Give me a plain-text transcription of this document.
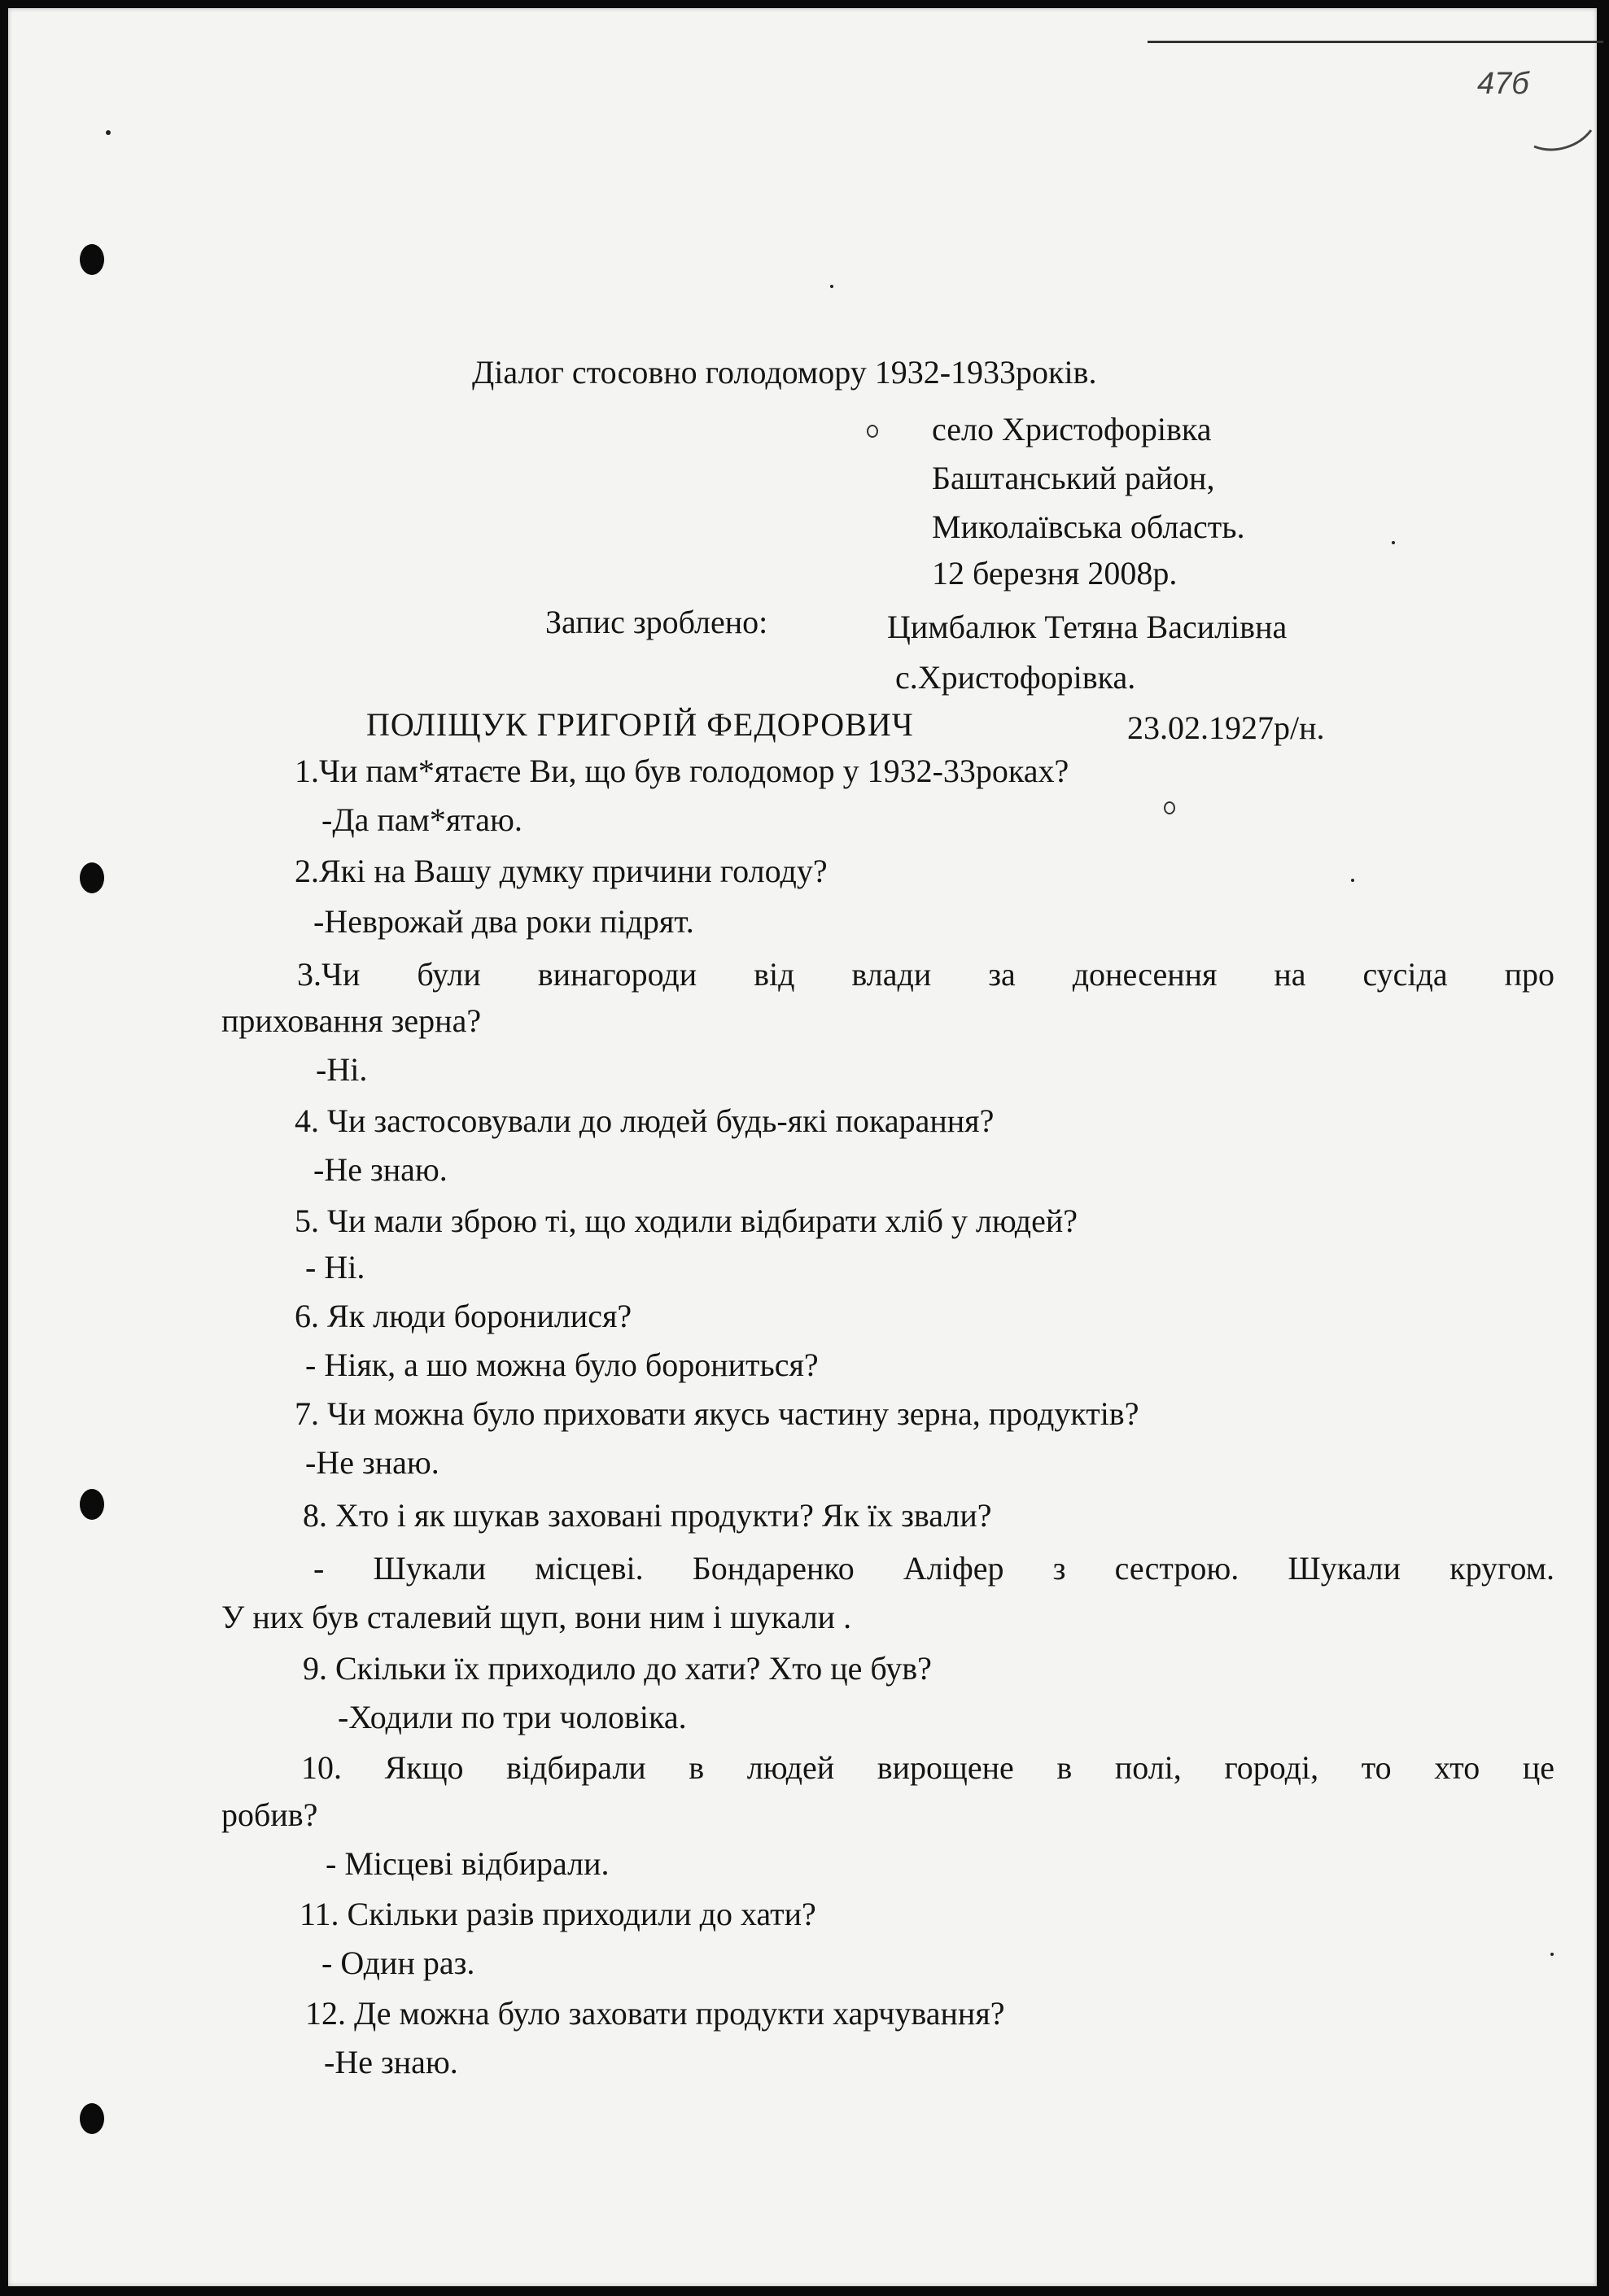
47б
Діалог стосовно голодомору 1932-1933років.
село Христофорівка
Баштанський район,
Миколаївська область.
12 березня 2008р.
Запис зроблено:	Цимбалюк Тетяна Василівна
с.Христофорівка.
ПОЛІЩУК ГРИГОРІЙ ФЕДОРОВИЧ	23.02.1927р/н.
1.Чи пам*ятаєте Ви, що був голодомор у 1932-33роках?
-Да пам*ятаю.
2.Які на Вашу думку причини голоду?
-Неврожай два роки підрят.
3.Чи були винагороди від влади за донесення на сусіда про
приховання зерна?
-Ні.
4. Чи застосовували до людей будь-які покарання?
-Не знаю.
5. Чи мали зброю ті, що ходили відбирати хліб у людей?
- Ні.
6. Як люди боронилися?
- Ніяк, а шо можна було борониться?
7. Чи можна було приховати якусь частину зерна, продуктів?
-Не знаю.
8. Хто і як шукав заховані продукти? Як їх звали?
- Шукали місцеві. Бондаренко Аліфер з сестрою. Шукали кругом.
У них був сталевий щуп, вони ним і шукали .
9. Скільки їх приходило до хати? Хто це був?
-Ходили по три чоловіка.
10. Якщо відбирали в людей вирощене в полі, городі, то хто це
робив?
- Місцеві відбирали.
11. Скільки разів приходили до хати?
- Один раз.
12. Де можна було заховати продукти харчування?
-Не знаю.
